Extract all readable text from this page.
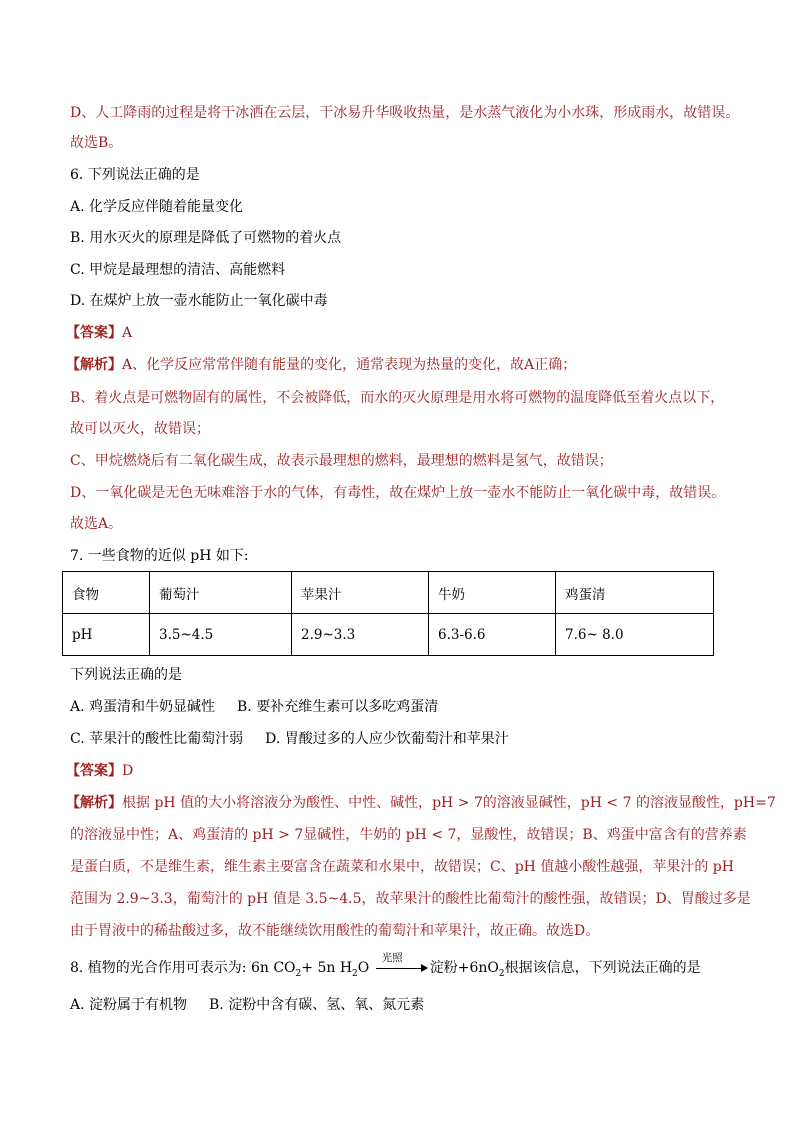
D、人工降雨的过程是将干冰洒在云层，干冰易升华吸收热量，是水蒸气液化为小水珠，形成雨水，故错误。
故选B。
6. 下列说法正确的是
A. 化学反应伴随着能量变化
B. 用水灭火的原理是降低了可燃物的着火点
C. 甲烷是最理想的清洁、高能燃料
D. 在煤炉上放一壶水能防止一氧化碳中毒
【答案】A
【解析】A、化学反应常常伴随有能量的变化，通常表现为热量的变化，故A正确；
B、着火点是可燃物固有的属性，不会被降低，而水的灭火原理是用水将可燃物的温度降低至着火点以下，
故可以灭火，故错误；
C、甲烷燃烧后有二氧化碳生成，故表示最理想的燃料，最理想的燃料是氢气，故错误；
D、一氧化碳是无色无味难溶于水的气体，有毒性，故在煤炉上放一壶水不能防止一氧化碳中毒，故错误。
故选A。
7. 一些食物的近似 pH 如下:
食物	葡萄汁	苹果汁	牛奶	鸡蛋清
pH	3.5~4.5	2.9~3.3	6.3-6.6	7.6~ 8.0
下列说法正确的是
A. 鸡蛋清和牛奶显碱性 B. 要补充维生素可以多吃鸡蛋清
C. 苹果汁的酸性比葡萄汁弱 D. 胃酸过多的人应少饮葡萄汁和苹果汁
【答案】D
【解析】根据 pH 值的大小将溶液分为酸性、中性、碱性，pH > 7的溶液显碱性，pH < 7 的溶液显酸性，pH=7
的溶液显中性；A、鸡蛋清的 pH > 7显碱性，牛奶的 pH < 7，显酸性，故错误；B、鸡蛋中富含有的营养素
是蛋白质，不是维生素，维生素主要富含在蔬菜和水果中，故错误；C、pH 值越小酸性越强，苹果汁的 pH
范围为 2.9~3.3，葡萄汁的 pH 值是 3.5~4.5，故苹果汁的酸性比葡萄汁的酸性强，故错误；D、胃酸过多是
由于胃液中的稀盐酸过多，故不能继续饮用酸性的葡萄汁和苹果汁，故正确。故选D。
8. 植物的光合作用可表示为: 6n $CO_2+ 5n$ $H_2O$
光照
淀粉$+6nO_2$根据该信息，下列说法正确的是
A. 淀粉属于有机物 B. 淀粉中含有碳、氢、氧、氮元素
